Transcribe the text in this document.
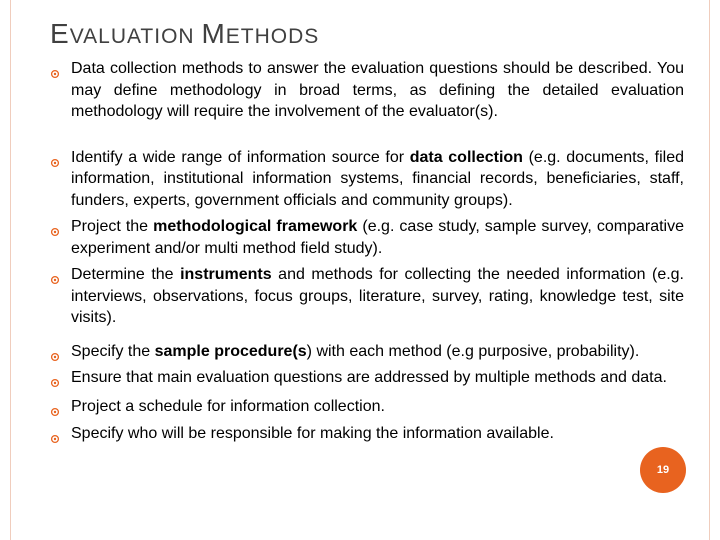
EVALUATION METHODS
Data collection methods to answer the evaluation questions should be described. You may define methodology in broad terms, as defining the detailed evaluation methodology will require the involvement of the evaluator(s).
Identify a wide range of information source for data collection (e.g. documents, filed information, institutional information systems, financial records, beneficiaries, staff, funders, experts, government officials and community groups).
Project the methodological framework (e.g. case study, sample survey, comparative experiment and/or multi method field study).
Determine the instruments and methods for collecting the needed information (e.g. interviews, observations, focus groups, literature, survey, rating, knowledge test, site visits).
Specify the sample procedure(s) with each method (e.g purposive, probability).
Ensure that main evaluation questions are addressed by multiple methods and data.
Project a schedule for information collection.
Specify who will be responsible for making the information available.
19
